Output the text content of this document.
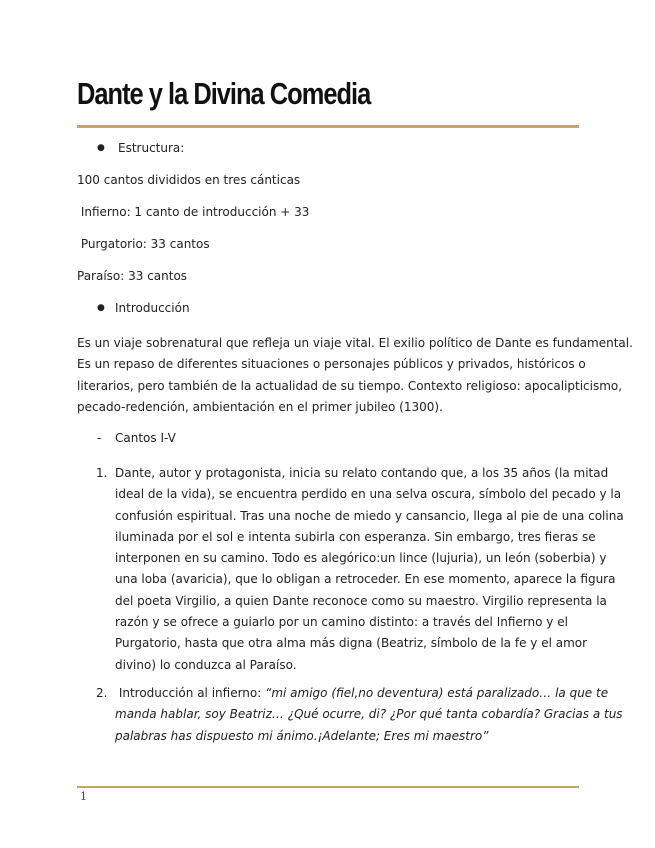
Dante y la Divina Comedia
● Estructura:
100 cantos divididos en tres cánticas
Infierno: 1 canto de introducción + 33
Purgatorio: 33 cantos
Paraíso: 33 cantos
● Introducción
Es un viaje sobrenatural que refleja un viaje vital. El exilio político de Dante es fundamental.
Es un repaso de diferentes situaciones o personajes públicos y privados, históricos o
literarios, pero también de la actualidad de su tiempo. Contexto religioso: apocalipticismo,
pecado-redención, ambientación en el primer jubileo (1300).
- Cantos I-V
1. Dante, autor y protagonista, inicia su relato contando que, a los 35 años (la mitad
ideal de la vida), se encuentra perdido en una selva oscura, símbolo del pecado y la
confusión espiritual. Tras una noche de miedo y cansancio, llega al pie de una colina
iluminada por el sol e intenta subirla con esperanza. Sin embargo, tres fieras se
interponen en su camino. Todo es alegórico:un lince (lujuria), un león (soberbia) y
una loba (avaricia), que lo obligan a retroceder. En ese momento, aparece la figura
del poeta Virgilio, a quien Dante reconoce como su maestro. Virgilio representa la
razón y se ofrece a guiarlo por un camino distinto: a través del Infierno y el
Purgatorio, hasta que otra alma más digna (Beatriz, símbolo de la fe y el amor
divino) lo conduzca al Paraíso.
2. Introducción al infierno: “mi amigo (fiel,no deventura) está paralizado… la que te
manda hablar, soy Beatriz… ¿Qué ocurre, di? ¿Por qué tanta cobardía? Gracias a tus
palabras has dispuesto mi ánimo.¡Adelante; Eres mi maestro”
1
